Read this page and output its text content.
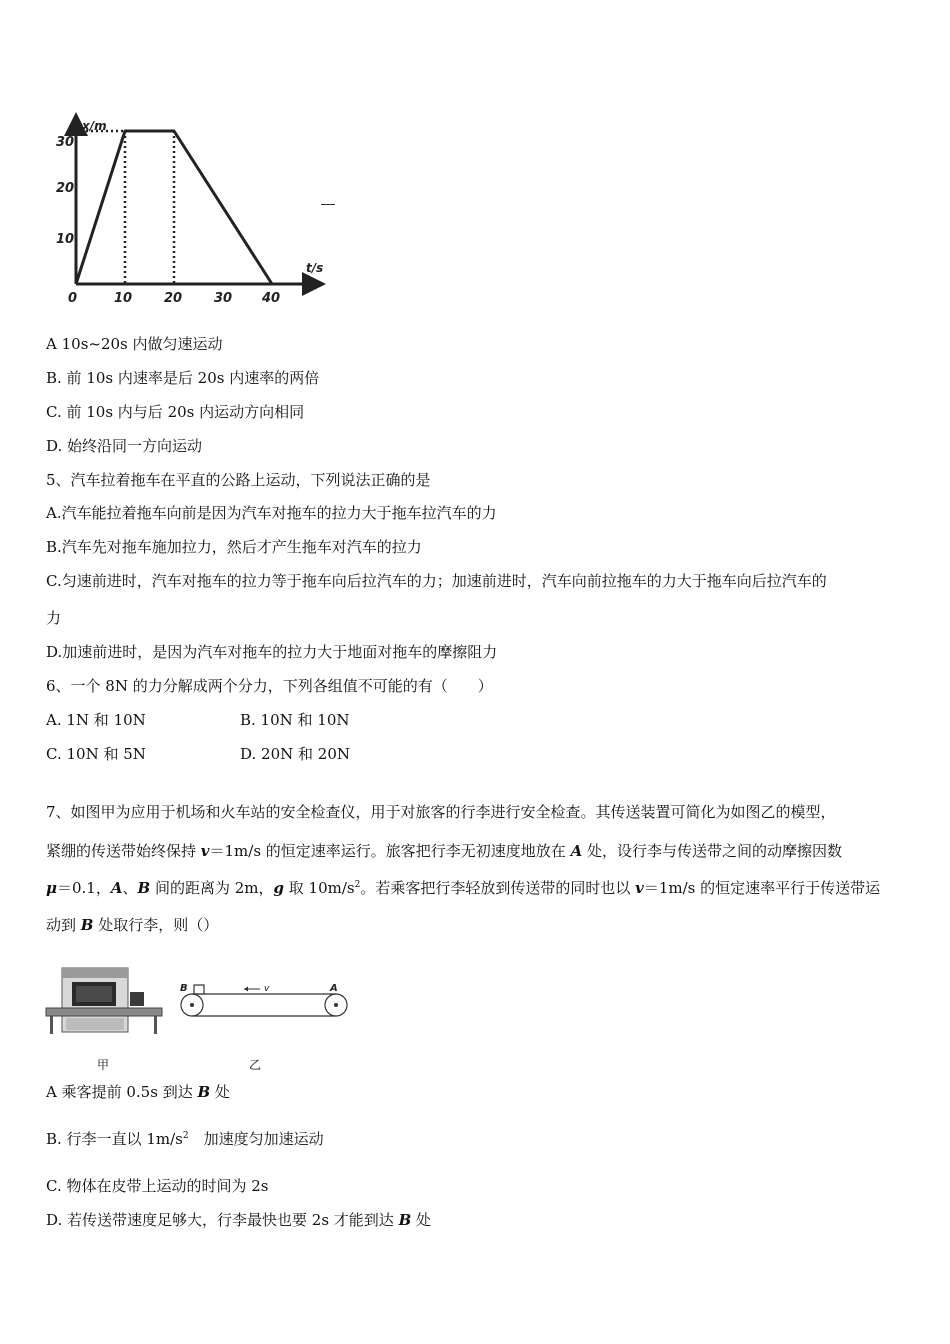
x/m
t/s
30
20
10
0	10 20 30 40
A 10s~20s 内做匀速运动
B. 前 10s 内速率是后 20s 内速率的两倍
C. 前 10s 内与后 20s 内运动方向相同
D. 始终沿同一方向运动
5、汽车拉着拖车在平直的公路上运动，下列说法正确的是
A.汽车能拉着拖车向前是因为汽车对拖车的拉力大于拖车拉汽车的力
B.汽车先对拖车施加拉力，然后才产生拖车对汽车的拉力
C.匀速前进时，汽车对拖车的拉力等于拖车向后拉汽车的力；加速前进时，汽车向前拉拖车的力大于拖车向后拉汽车的
力
D.加速前进时，是因为汽车对拖车的拉力大于地面对拖车的摩擦阻力
6、一个 8N 的力分解成两个分力，下列各组值不可能的有（　　）
A. 1N 和 10N	B. 10N 和 10N
C. 10N 和 5N	D. 20N 和 20N
7、如图甲为应用于机场和火车站的安全检查仪，用于对旅客的行李进行安全检查。其传送装置可简化为如图乙的模型，
紧绷的传送带始终保持 v＝1m/s 的恒定速率运行。旅客把行李无初速度地放在 A 处，设行李与传送带之间的动摩擦因数
μ＝0.1，A、B 间的距离为 2m，g 取 $10m/s^2$。若乘客把行李轻放到传送带的同时也以 v＝1m/s 的恒定速率平行于传送带运
动到 B 处取行李，则（）
甲
B	A
v
乙
A 乘客提前 0.5s 到达 B 处
B. 行李一直以 $1m/s^2$　加速度匀加速运动
C. 物体在皮带上运动的时间为 2s
D. 若传送带速度足够大，行李最快也要 2s 才能到达 B 处
